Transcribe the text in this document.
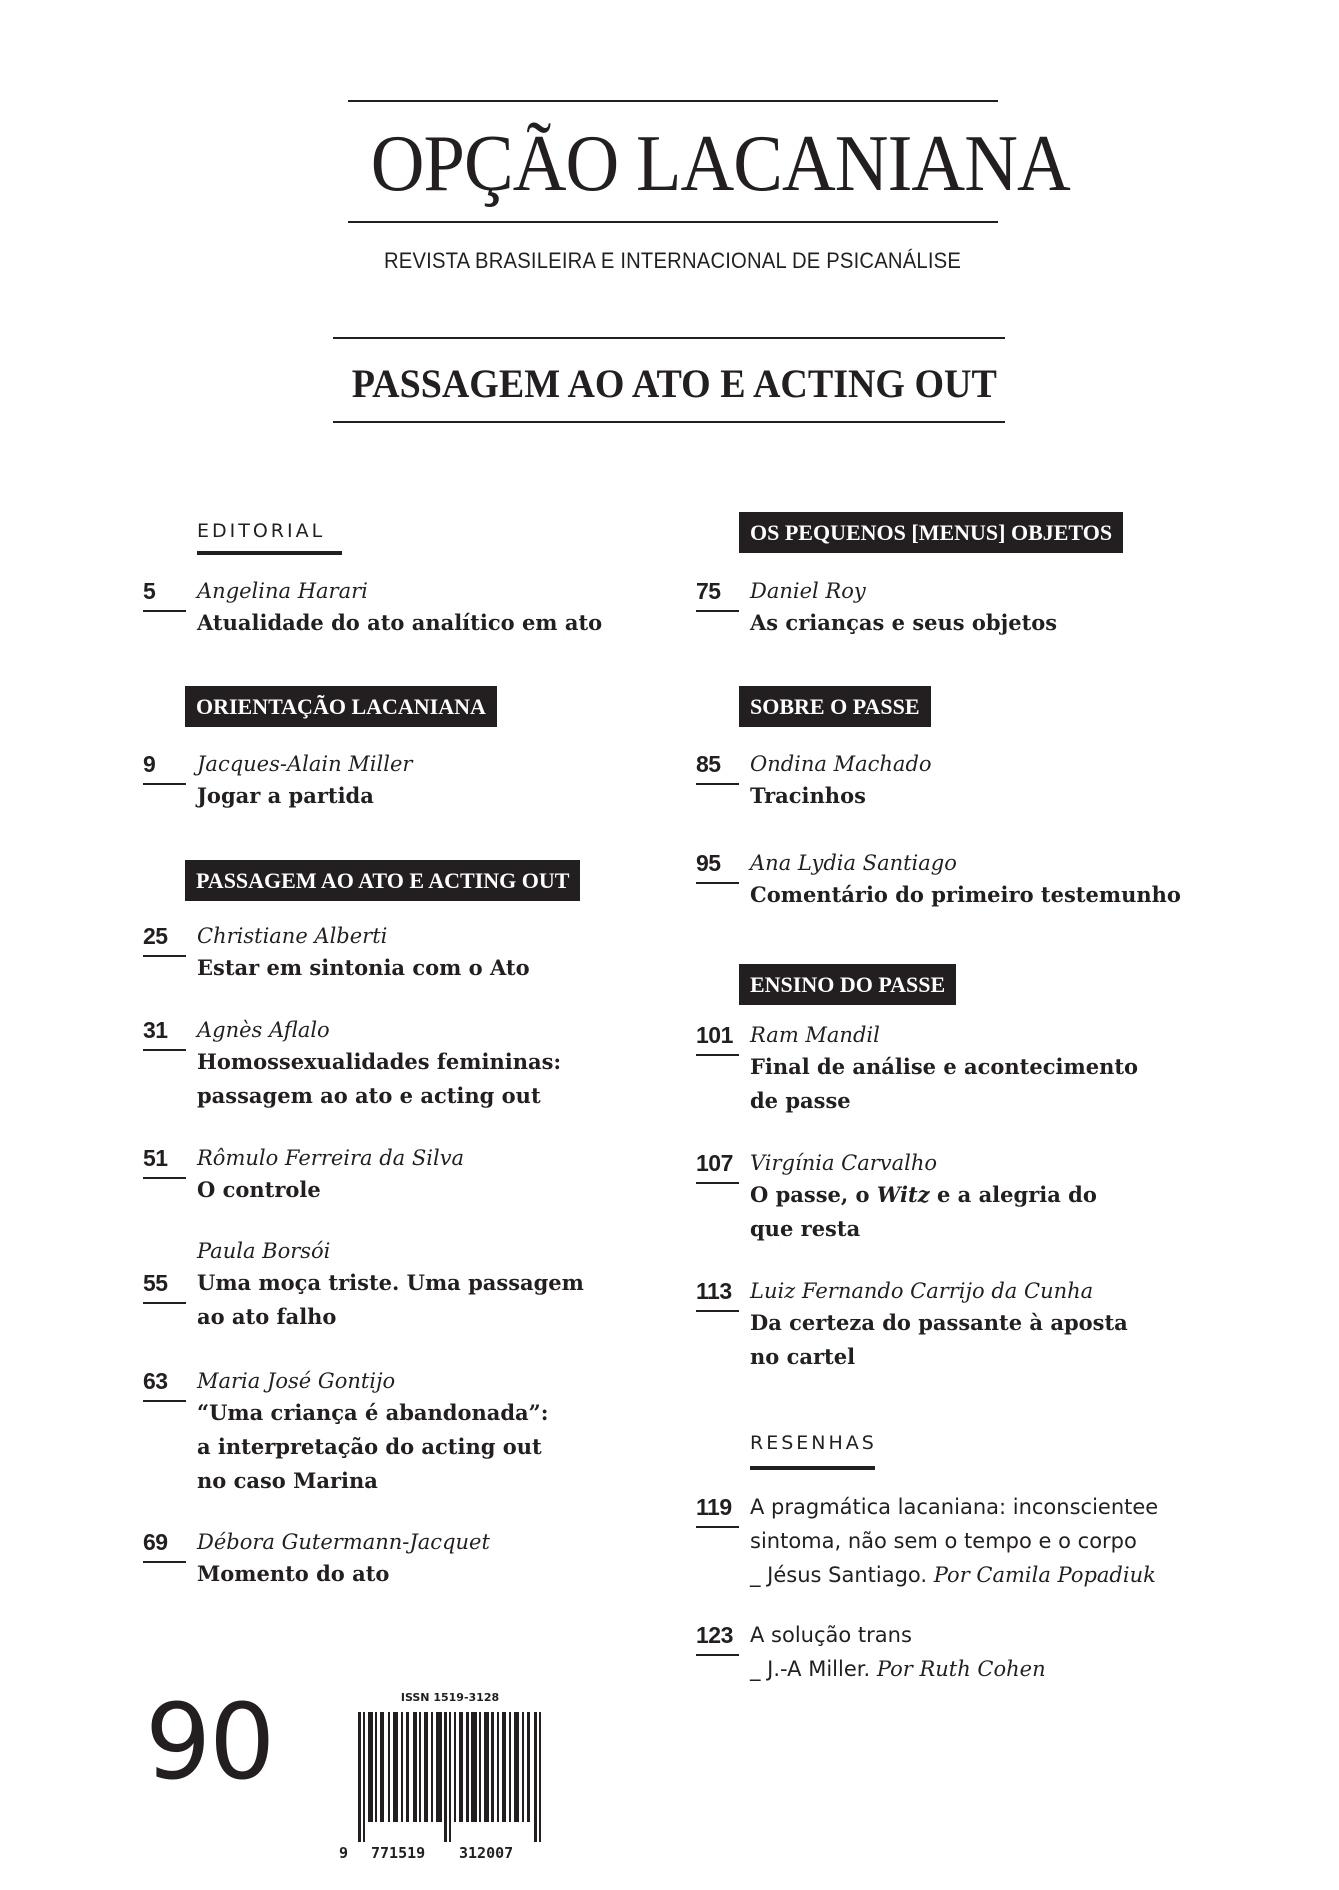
OPÇÃO LACANIANA
REVISTA BRASILEIRA E INTERNACIONAL DE PSICANÁLISE
PASSAGEM AO ATO E ACTING OUT
EDITORIAL
5 Angelina Harari
Atualidade do ato analítico em ato
ORIENTAÇÃO LACANIANA
9 Jacques-Alain Miller
Jogar a partida
PASSAGEM AO ATO E ACTING OUT
25 Christiane Alberti
Estar em sintonia com o Ato
31 Agnès Aflalo
Homossexualidades femininas:
passagem ao ato e acting out
51 Rômulo Ferreira da Silva
O controle
Paula Borsói
55 Uma moça triste. Uma passagem
ao ato falho
63 Maria José Gontijo
“Uma criança é abandonada”:
a interpretação do acting out
no caso Marina
69 Débora Gutermann-Jacquet
Momento do ato
OS PEQUENOS [MENUS] OBJETOS
75 Daniel Roy
As crianças e seus objetos
SOBRE O PASSE
85 Ondina Machado
Tracinhos
95 Ana Lydia Santiago
Comentário do primeiro testemunho
ENSINO DO PASSE
101 Ram Mandil
Final de análise e acontecimento
de passe
107 Virgínia Carvalho
O passe, o Witz e a alegria do
que resta
113 Luiz Fernando Carrijo da Cunha
Da certeza do passante à aposta
no cartel
RESENHAS
119 A pragmática lacaniana: inconscientee
sintoma, não sem o tempo e o corpo
_ Jésus Santiago. Por Camila Popadiuk
123 A solução trans
_ J.-A Miller. Por Ruth Cohen
90	ISSN 1519-3128
9 771519 312007
